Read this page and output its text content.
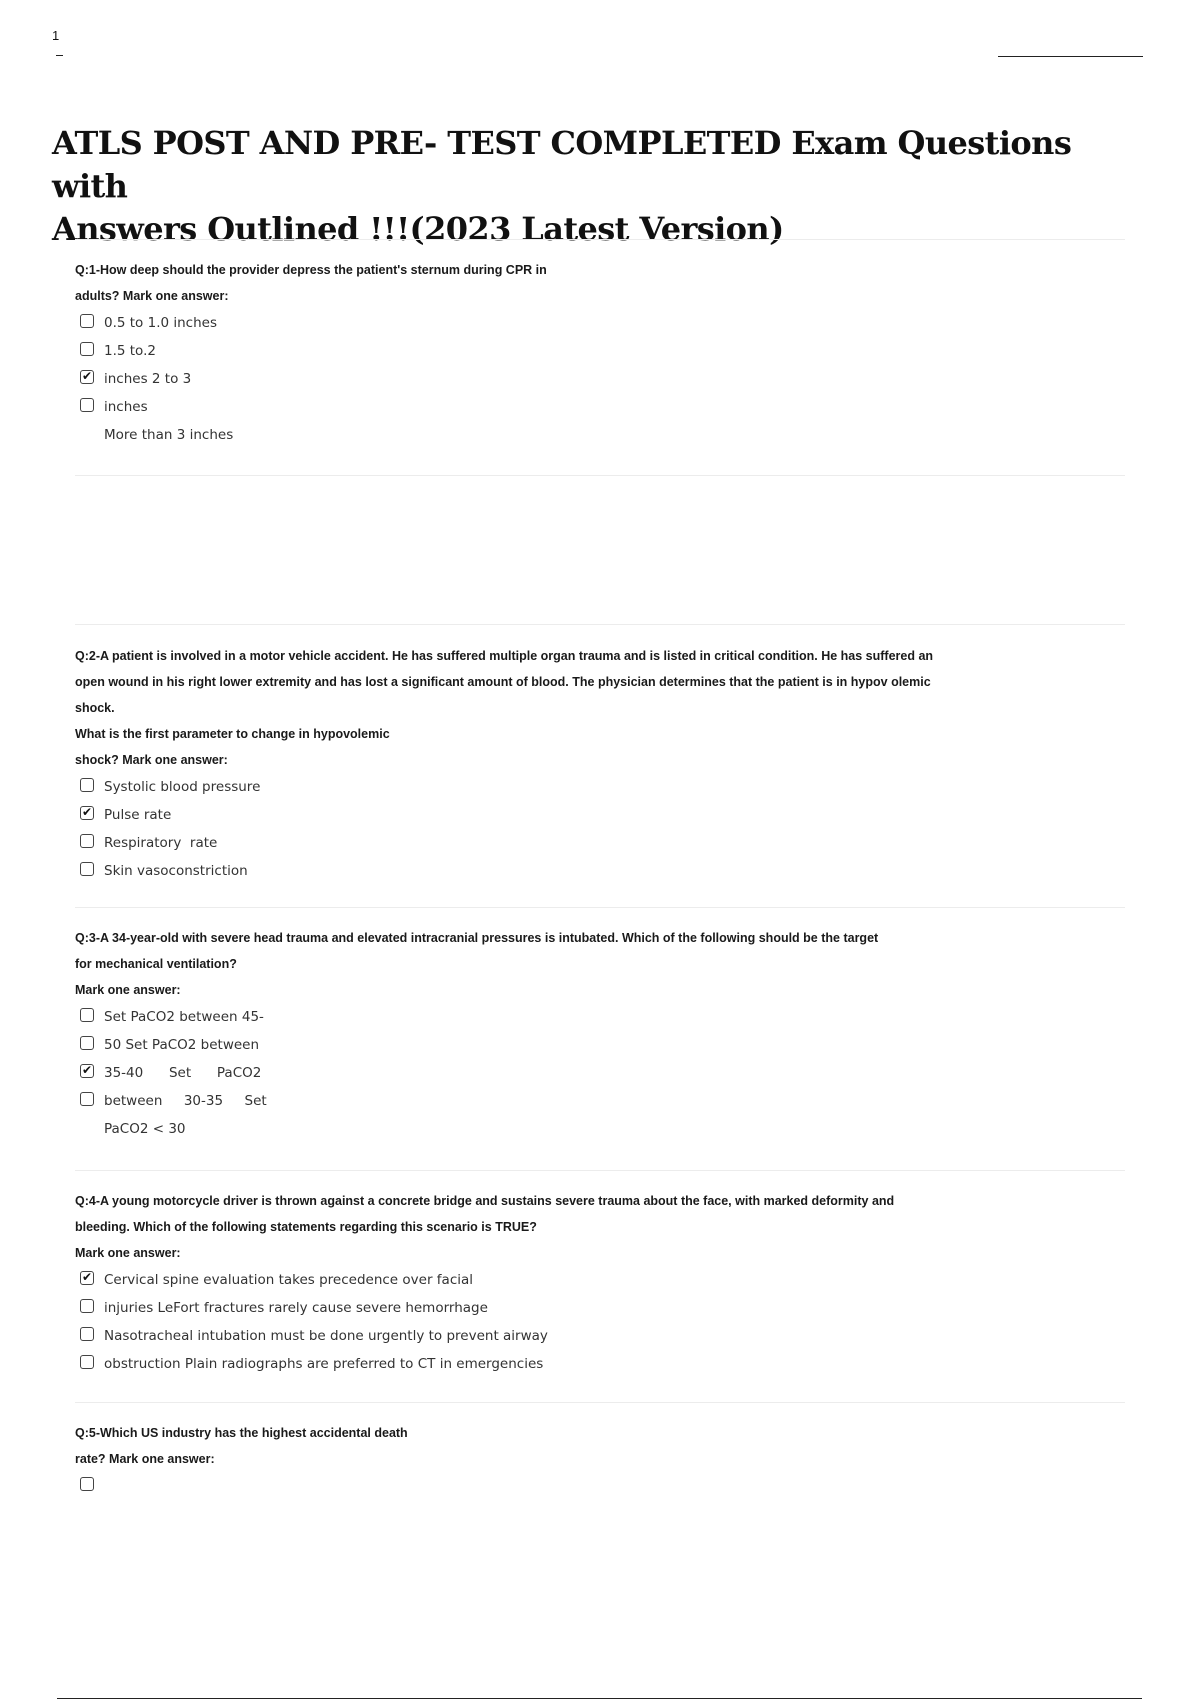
1
ATLS POST AND PRE- TEST COMPLETED Exam Questions with
Answers Outlined !!!(2023 Latest Version)
Q:1-How deep should the provider depress the patient's sternum during CPR in
adults? Mark one answer:

0.5 to 1.0 inches

1.5 to.2

✔

inches 2 to 3

inches

More than 3 inches

Q:2-A patient is involved in a motor vehicle accident. He has suffered multiple organ trauma and is listed in critical condition. He has suffered an
open wound in his right lower extremity and has lost a significant amount of blood. The physician determines that the patient is in hypov olemic
shock.
What is the first parameter to change in hypovolemic
shock? Mark one answer:

Systolic blood pressure

✔

Pulse rate

Respiratory  rate

Skin vasoconstriction

Q:3-A 34-year-old with severe head trauma and elevated intracranial pressures is intubated. Which of the following should be the target
for mechanical ventilation?
Mark one answer:

Set PaCO2 between 45-

50 Set PaCO2 between

✔

35-40      Set      PaCO2

between     30-35     Set

PaCO2 < 30

Q:4-A young motorcycle driver is thrown against a concrete bridge and sustains severe trauma about the face, with marked deformity and
bleeding. Which of the following statements regarding this scenario is TRUE?
Mark one answer:

✔

Cervical spine evaluation takes precedence over facial

injuries LeFort fractures rarely cause severe hemorrhage

Nasotracheal intubation must be done urgently to prevent airway

obstruction Plain radiographs are preferred to CT in emergencies

Q:5-Which US industry has the highest accidental death
rate? Mark one answer:
